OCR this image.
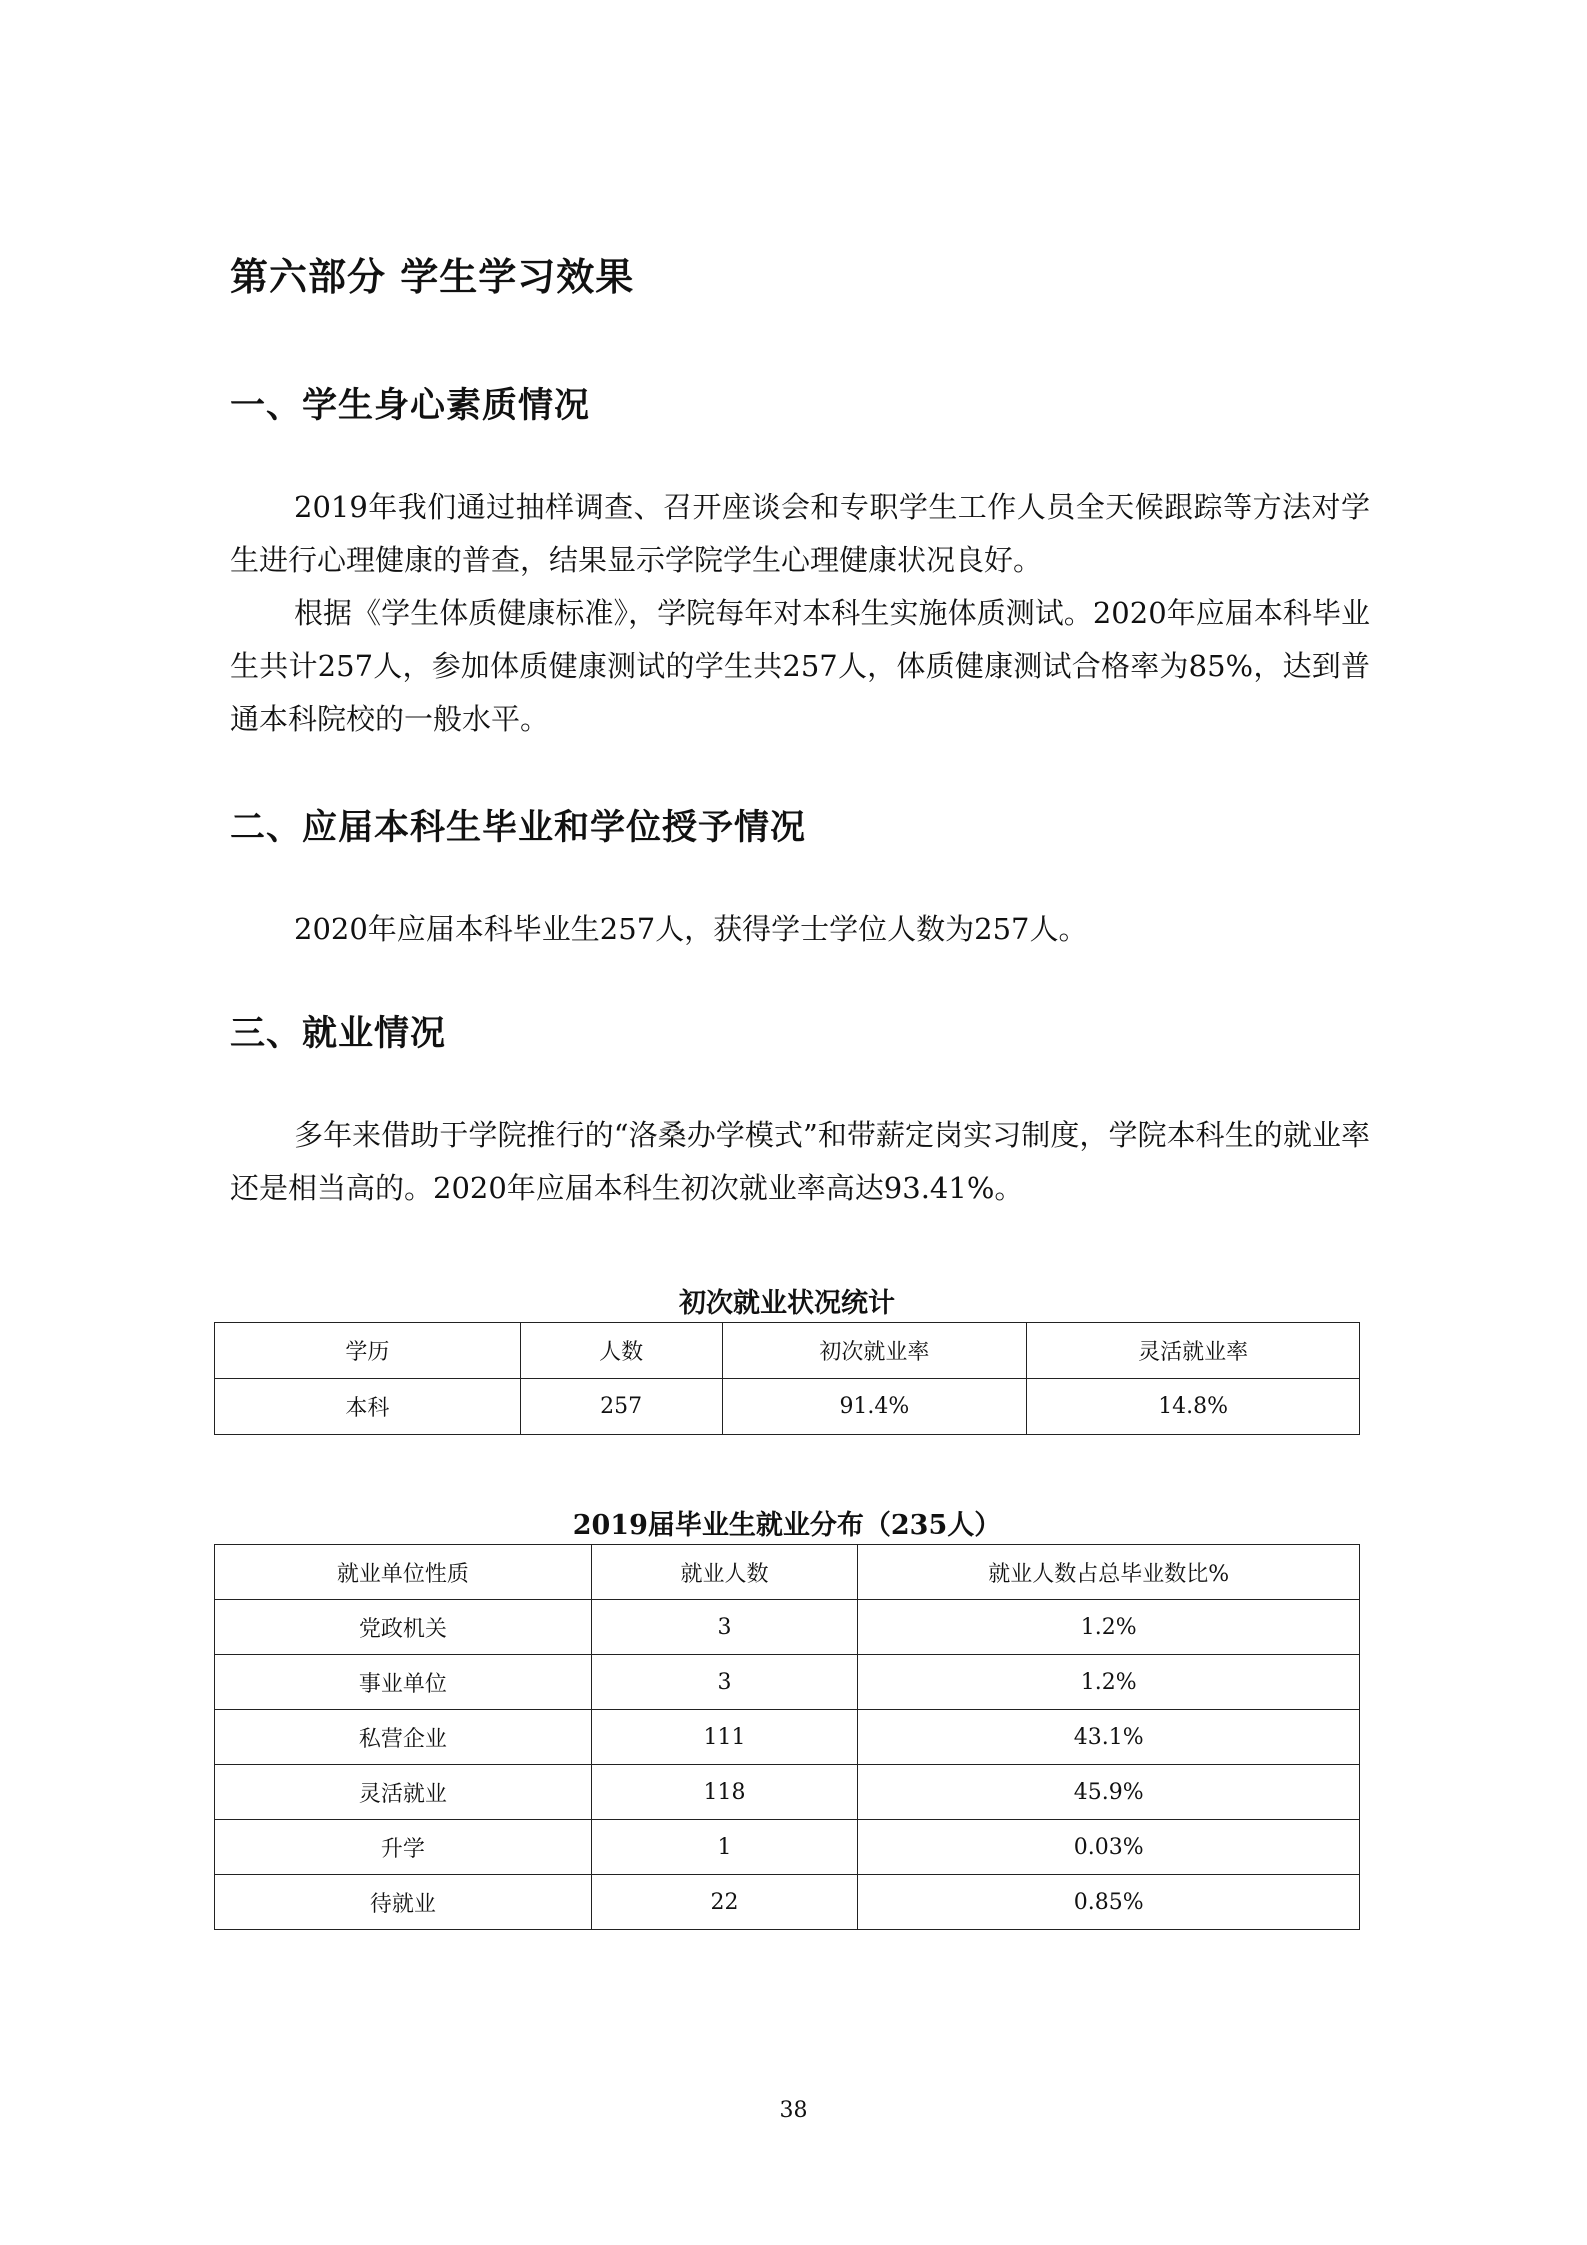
第六部分 学生学习效果
一、学生身心素质情况

2019年我们通过抽样调查、召开座谈会和专职学生工作人员全天候跟踪等方法对学生进行心理健康的普查，结果显示学院学生心理健康状况良好。

根据《学生体质健康标准》，学院每年对本科生实施体质测试。2020年应届本科毕业生共计257人，参加体质健康测试的学生共257人，体质健康测试合格率为85%，达到普通本科院校的一般水平。

二、应届本科生毕业和学位授予情况

2020年应届本科毕业生257人，获得学士学位人数为257人。

三、就业情况

多年来借助于学院推行的“洛桑办学模式”和带薪定岗实习制度，学院本科生的就业率还是相当高的。2020年应届本科生初次就业率高达93.41%。

初次就业状况统计
学历	人数	初次就业率	灵活就业率
本科	257	91.4%	14.8%
2019届毕业生就业分布（235人）
就业单位性质	就业人数	就业人数占总毕业数比%
党政机关	3	1.2%
事业单位	3	1.2%
私营企业	111	43.1%
灵活就业	118	45.9%
升学	1	0.03%
待就业	22	0.85%
38
